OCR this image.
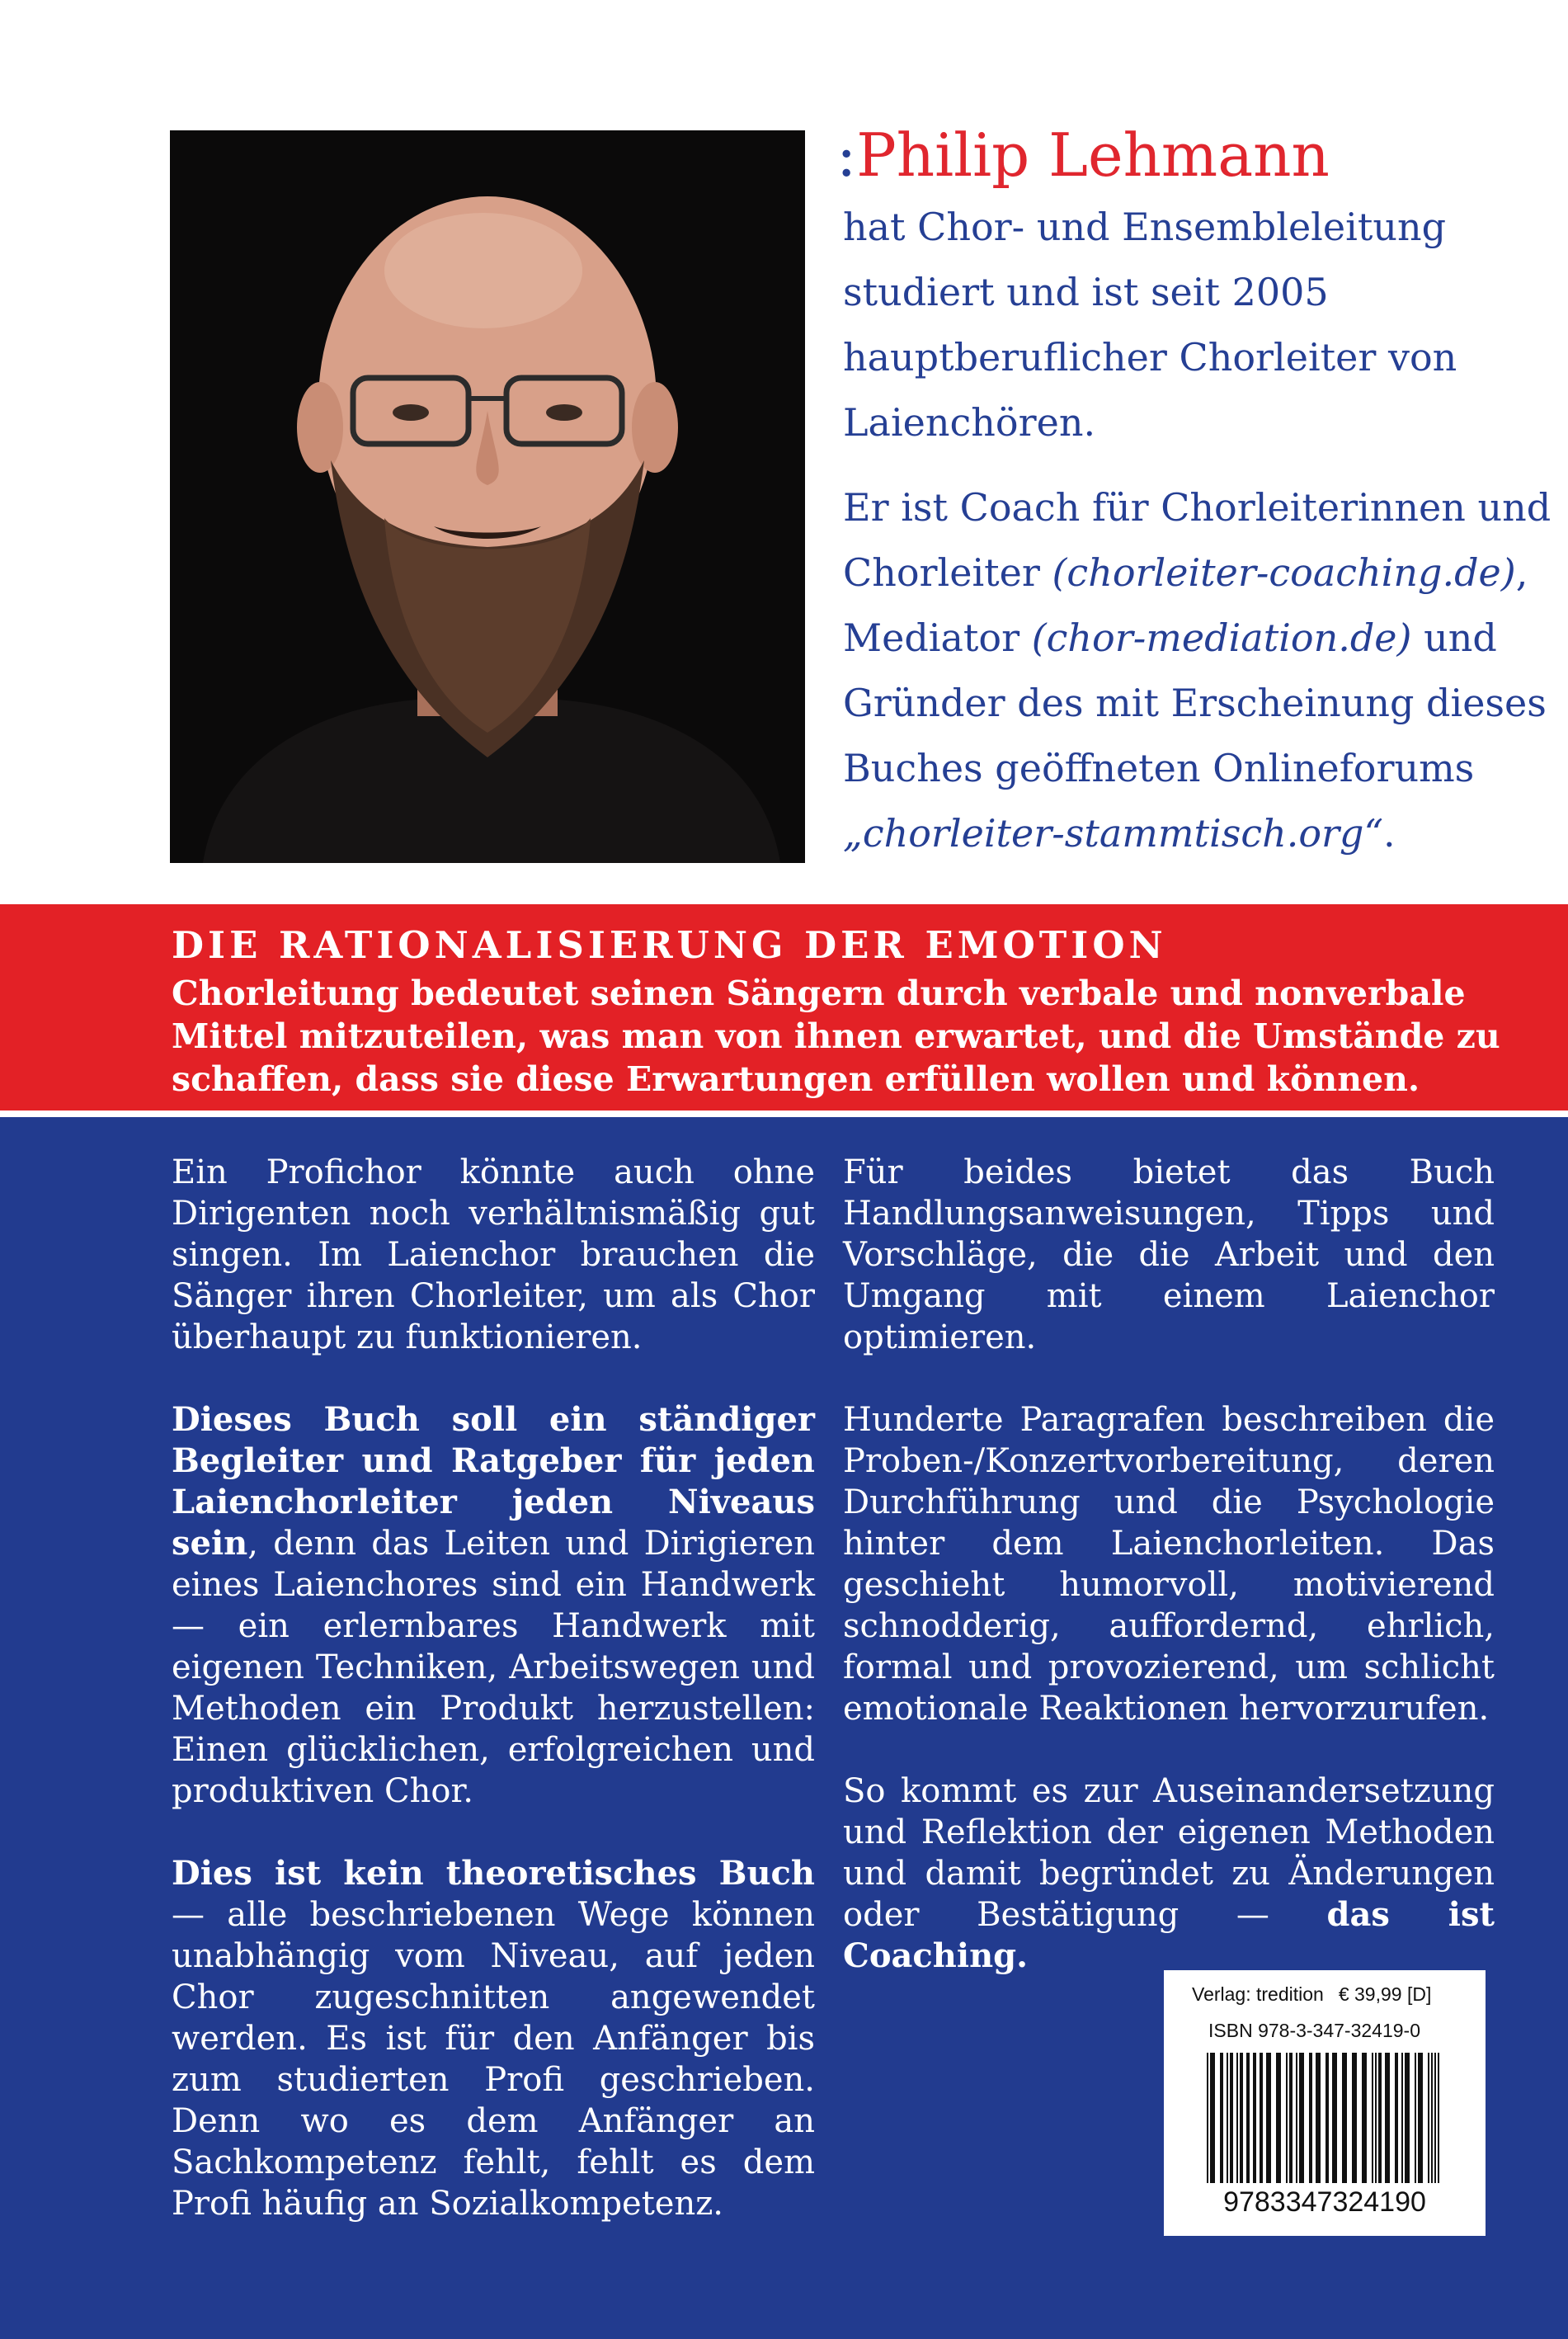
:Philip Lehmann

hat Chor- und Ensembleleitung studiert und ist seit 2005 hauptberuflicher Chorleiter von Laienchören.

Er ist Coach für Chorleiterinnen und Chorleiter (chorleiter-coaching.de), Mediator (chor-mediation.de) und Gründer des mit Erscheinung dieses Buches geöffneten Onlineforums „chorleiter-stammtisch.org“.

DIE RATIONALISIERUNG DER EMOTION
Chorleitung bedeutet seinen Sängern durch verbale und nonverbale Mittel mitzuteilen, was man von ihnen erwartet, und die Umstände zu schaffen, dass sie diese Erwartungen erfüllen wollen und können.

Ein Profichor könnte auch ohne Dirigenten noch verhältnismäßig gut singen. Im Laienchor brauchen die Sänger ihren Chorleiter, um als Chor überhaupt zu funktionieren.

Dieses Buch soll ein ständiger Begleiter und Ratgeber für jeden Laienchorleiter jeden Niveaus sein, denn das Leiten und Dirigieren eines Laienchores sind ein Handwerk — ein erlernbares Handwerk mit eigenen Techniken, Arbeitswegen und Methoden ein Produkt herzustellen: Einen glücklichen, erfolgreichen und produktiven Chor.

Dies ist kein theoretisches Buch — alle beschriebenen Wege können unabhängig vom Niveau, auf jeden Chor zugeschnitten angewendet werden. Es ist für den Anfänger bis zum studierten Profi geschrieben. Denn wo es dem Anfänger an Sachkompetenz fehlt, fehlt es dem Profi häufig an Sozialkompetenz.

Für beides bietet das Buch Handlungsanweisungen, Tipps und Vorschläge, die die Arbeit und den Umgang mit einem Laienchor optimieren.

Hunderte Paragrafen beschreiben die Proben-/Konzertvorbereitung, deren Durchführung und die Psychologie hinter dem Laienchorleiten. Das geschieht humorvoll, motivierend schnodderig, auffordernd, ehrlich, formal und provozierend, um schlicht emotionale Reaktionen hervorzurufen.

So kommt es zur Auseinandersetzung und Reflektion der eigenen Methoden und damit begründet zu Änderungen oder Bestätigung — das ist Coaching.

Verlag: tredition € 39,99 [D]
ISBN 978-3-347-32419-0
9783347324190
